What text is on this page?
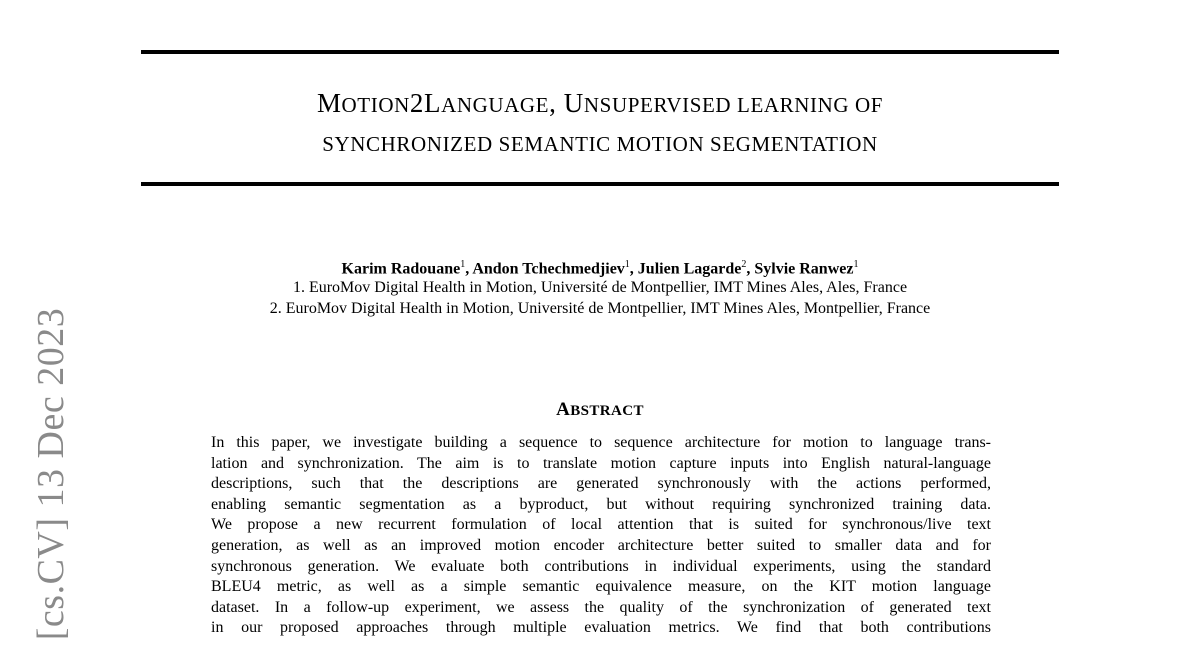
[cs.CV] 13 Dec 2023
MOTION2LANGUAGE, UNSUPERVISED LEARNING OF
SYNCHRONIZED SEMANTIC MOTION SEGMENTATION
Karim Radouane$^1$, Andon Tchechmedjiev$^1$, Julien Lagarde$^2$, Sylvie Ranwez$^1$
1. EuroMov Digital Health in Motion, Université de Montpellier, IMT Mines Ales, Ales, France
2. EuroMov Digital Health in Motion, Université de Montpellier, IMT Mines Ales, Montpellier, France
ABSTRACT
In this paper, we investigate building a sequence to sequence architecture for motion to language trans-
lation and synchronization. The aim is to translate motion capture inputs into English natural-language
descriptions, such that the descriptions are generated synchronously with the actions performed,
enabling semantic segmentation as a byproduct, but without requiring synchronized training data.
We propose a new recurrent formulation of local attention that is suited for synchronous/live text
generation, as well as an improved motion encoder architecture better suited to smaller data and for
synchronous generation. We evaluate both contributions in individual experiments, using the standard
BLEU4 metric, as well as a simple semantic equivalence measure, on the KIT motion language
dataset. In a follow-up experiment, we assess the quality of the synchronization of generated text
in our proposed approaches through multiple evaluation metrics. We find that both contributions
